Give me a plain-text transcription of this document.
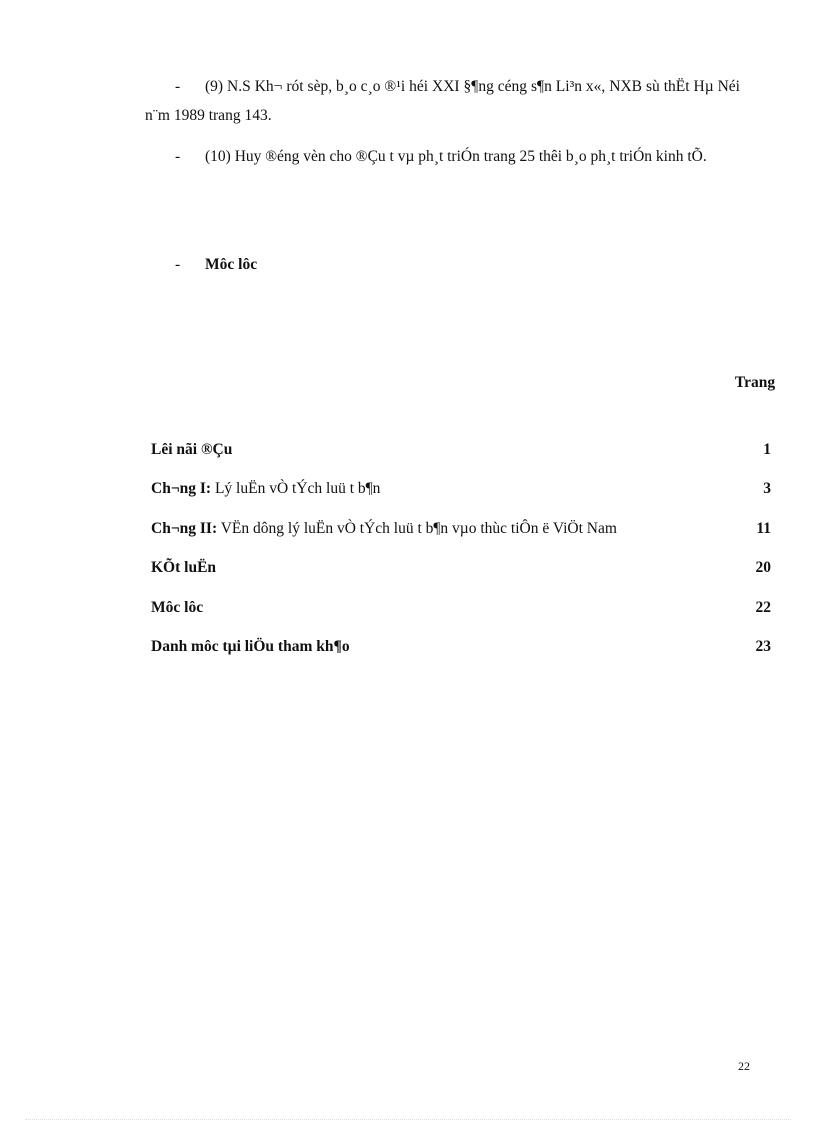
- (9) N.S Kh¬ rót sèp, b¸o c¸o ®¹i héi XXI §¶ng céng s¶n Li³n x«, NXB sù thËt Hµ Néi n¨m 1989 trang 143.

- (10) Huy ®éng vèn cho ®Çu t vµ ph¸t triÓn trang 25 thêi b¸o ph¸t triÓn kinh tÕ.

- Môc lôc
Trang
Lêi nãi ®Çu	1
Ch¬ng I: Lý luËn vÒ tÝch luü t b¶n	3
Ch¬ng II: VËn dông lý luËn vÒ tÝch luü t b¶n vµo thùc tiÔn ë ViÖt Nam	11
KÕt luËn	20
Môc lôc	22
Danh môc tµi liÖu tham kh¶o	23
22
